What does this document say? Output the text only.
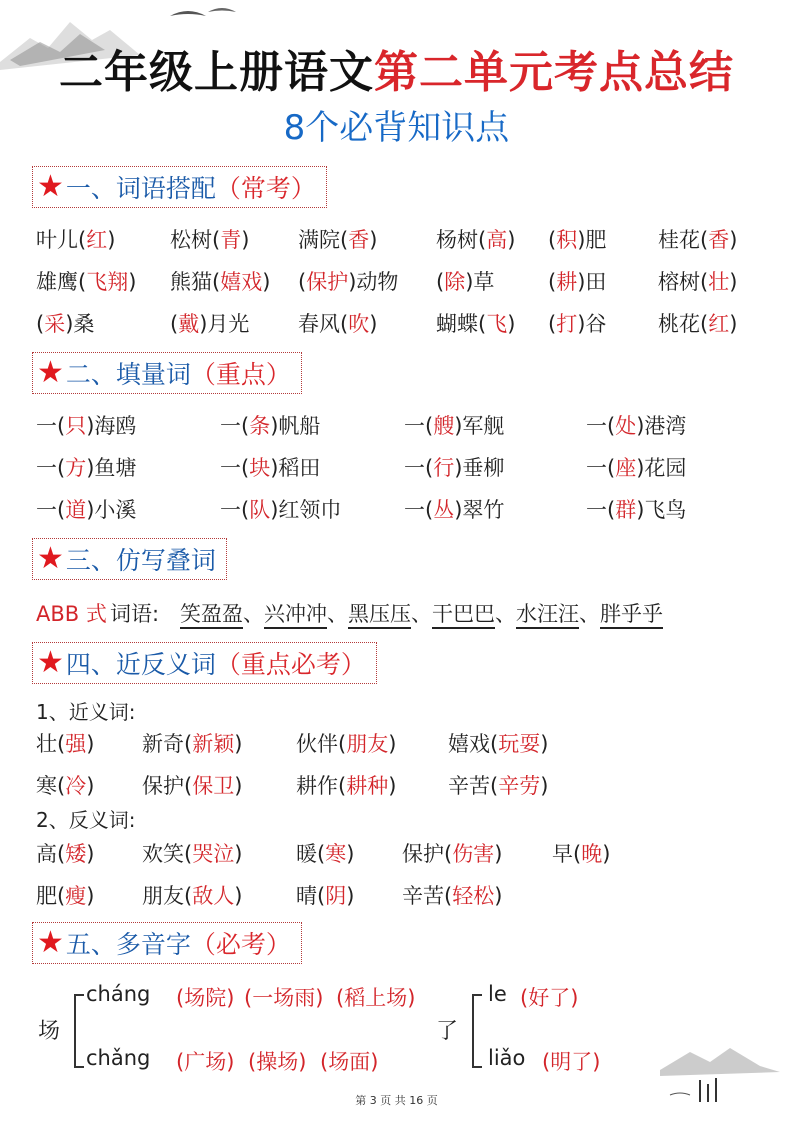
二年级上册语文第二单元考点总结
8个必背知识点
★ 一、词语搭配 （常考）
★ 二、填量词 （重点）
★ 三、仿写叠词
★ 四、近反义词 （重点必考）
★ 五、多音字 （必考）
叶儿(红)	松树(青) 满院(香)	杨树(高) (积)肥 桂花(香)
雄鹰(飞翔) 熊猫(嬉戏) (保护)动物 (除)草	(耕)田 榕树(壮)
(采)桑	(戴)月光 春风(吹)	蝴蝶(飞) (打)谷 桃花(红)
一(只)海鸥	一(条)帆船	一(艘)军舰	一(处)港湾
一(方)鱼塘	一(块)稻田	一(行)垂柳	一(座)花园
一(道)小溪	一(队)红领巾	一(丛)翠竹	一(群)飞鸟
ABB 式 词语: 笑盈盈、兴冲冲、黑压压、干巴巴、水汪汪、胖乎乎
1、近义词:
壮(强) 新奇(新颖)	伙伴(朋友) 嬉戏(玩耍)
寒(冷) 保护(保卫)	耕作(耕种) 辛苦(辛劳)
2、反义词:
高(矮) 欢笑(哭泣)	暖(寒) 保护(伤害) 早(晚)
肥(瘦) 朋友(敌人)	晴(阴) 辛苦(轻松)
场
cháng (场院) (一场雨) (稻上场)
chǎng (广场) (操场) (场面)
了
le (好了)
liǎo (明了)
第 3 页 共 16 页
